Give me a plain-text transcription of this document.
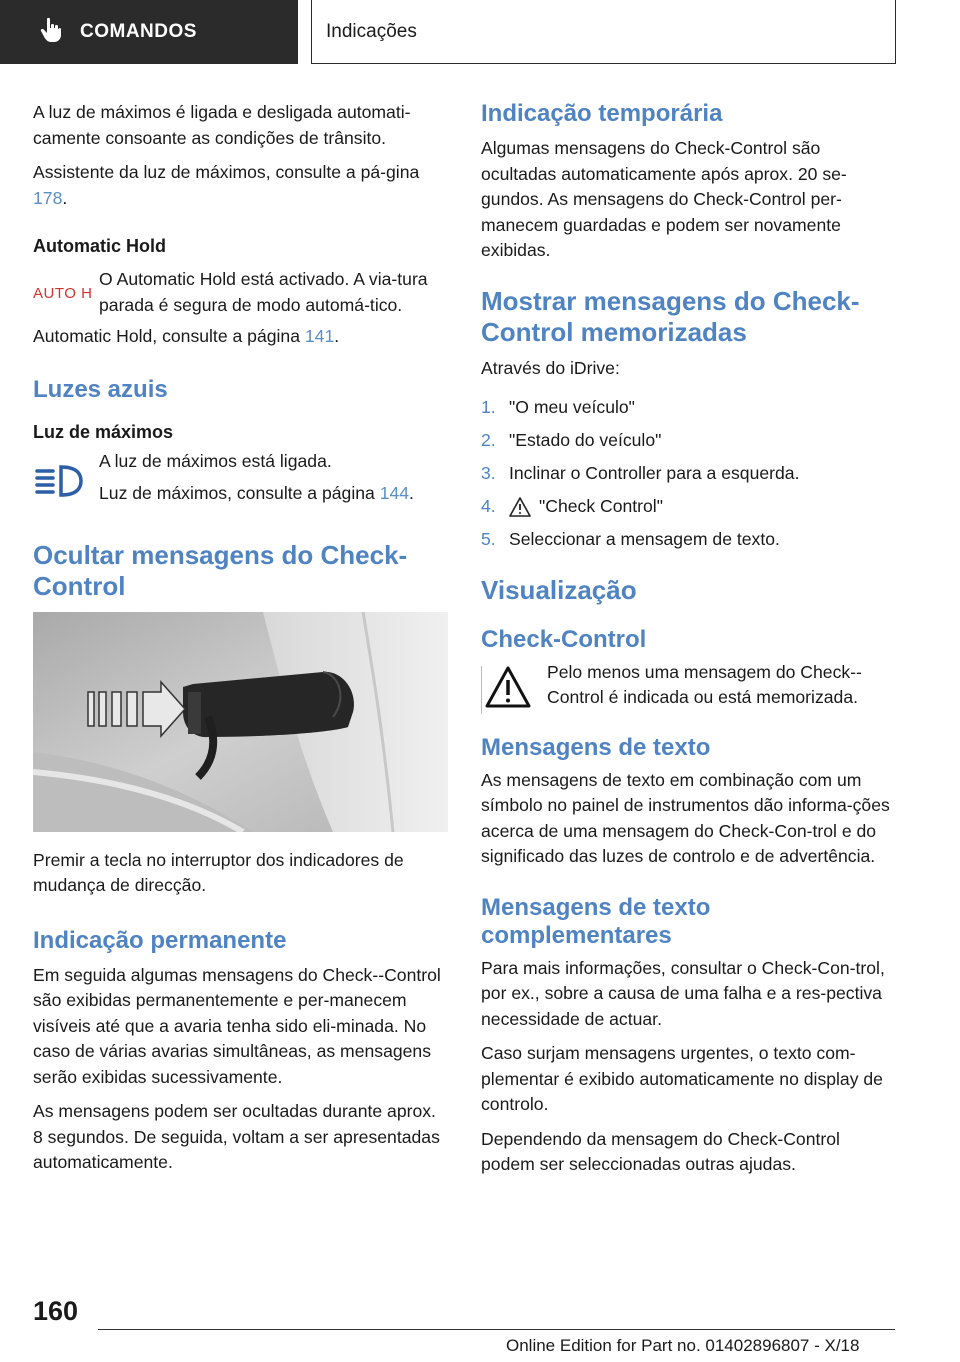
COMANDOS	Indicações

A luz de máximos é ligada e desligada automati-camente consoante as condições de trânsito.

Assistente da luz de máximos, consulte a pá-gina 178.

Automatic Hold
AUTO H

O Automatic Hold está activado. A via-tura parada é segura de modo automá-tico.

Automatic Hold, consulte a página 141.

Luzes azuis
Luz de máximos

A luz de máximos está ligada.

Luz de máximos, consulte a página 144.

Ocultar mensagens do Check-Control

Premir a tecla no interruptor dos indicadores de mudança de direcção.

Indicação permanente

Em seguida algumas mensagens do Check--Control são exibidas permanentemente e per-manecem visíveis até que a avaria tenha sido eli-minada. No caso de várias avarias simultâneas, as mensagens serão exibidas sucessivamente.

As mensagens podem ser ocultadas durante aprox. 8 segundos. De seguida, voltam a ser apresentadas automaticamente.

Indicação temporária

Algumas mensagens do Check-Control são ocultadas automaticamente após aprox. 20 se-gundos. As mensagens do Check-Control per-manecem guardadas e podem ser novamente exibidas.

Mostrar mensagens do Check-Control memorizadas

Através do iDrive:

1. "O meu veículo"
2. "Estado do veículo"
3. Inclinar o Controller para a esquerda.
4.	"Check Control"
5. Seleccionar a mensagem de texto.
Visualização
Check-Control

Pelo menos uma mensagem do Check--Control é indicada ou está memorizada.

Mensagens de texto

As mensagens de texto em combinação com um símbolo no painel de instrumentos dão informa-ções acerca de uma mensagem do Check-Con-trol e do significado das luzes de controlo e de advertência.

Mensagens de texto complementares

Para mais informações, consultar o Check-Con-trol, por ex., sobre a causa de uma falha e a res-pectiva necessidade de actuar.

Caso surjam mensagens urgentes, o texto com-plementar é exibido automaticamente no display de controlo.

Dependendo da mensagem do Check-Control podem ser seleccionadas outras ajudas.

160
Online Edition for Part no. 01402896807 - X/18
